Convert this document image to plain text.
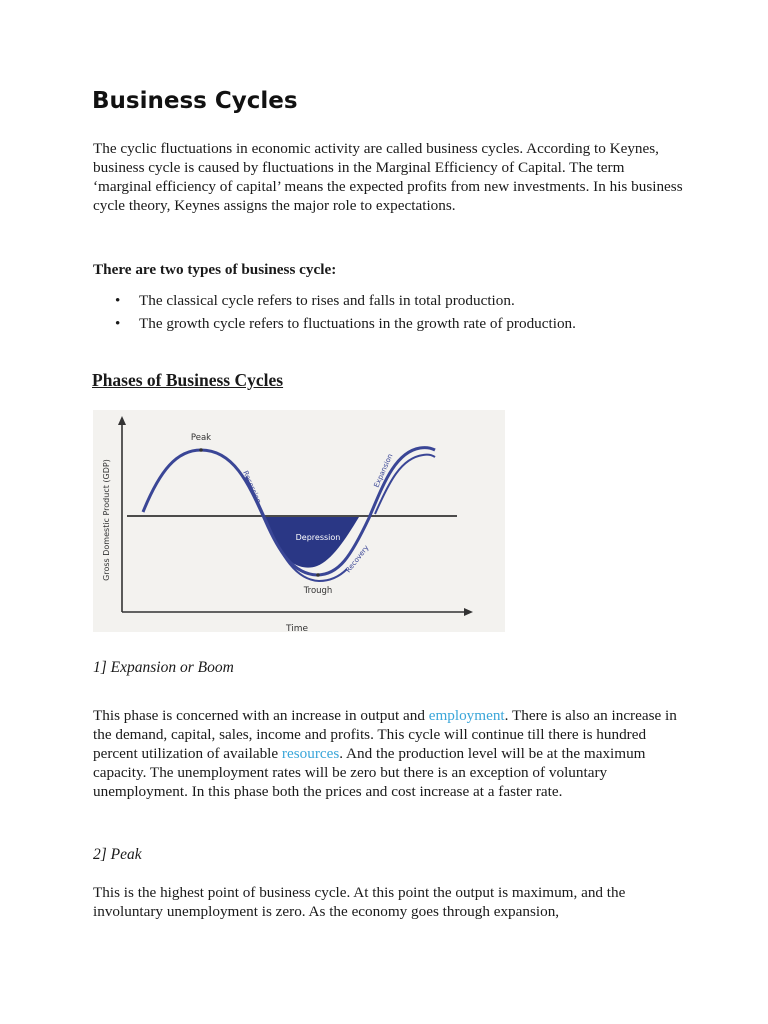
Business Cycles

The cyclic fluctuations in economic activity are called business cycles. According to Keynes, business cycle is caused by fluctuations in the Marginal Efficiency of Capital. The term ‘marginal efficiency of capital’ means the expected profits from new investments. In his business cycle theory, Keynes assigns the major role to expectations.

There are two types of business cycle:

• The classical cycle refers to rises and falls in total production.
• The growth cycle refers to fluctuations in the growth rate of production.
Phases of Business Cycles
Gross Domestic Product (GDP)
Time
Peak
Recession
Depression
Trough
Recovery
Expansion
1] Expansion or Boom

This phase is concerned with an increase in output and employment. There is also an increase in the demand, capital, sales, income and profits. This cycle will continue till there is hundred percent utilization of available resources. And the production level will be at the maximum capacity. The unemployment rates will be zero but there is an exception of voluntary unemployment. In this phase both the prices and cost increase at a faster rate.

2] Peak

This is the highest point of business cycle. At this point the output is maximum, and the involuntary unemployment is zero. As the economy goes through expansion,
